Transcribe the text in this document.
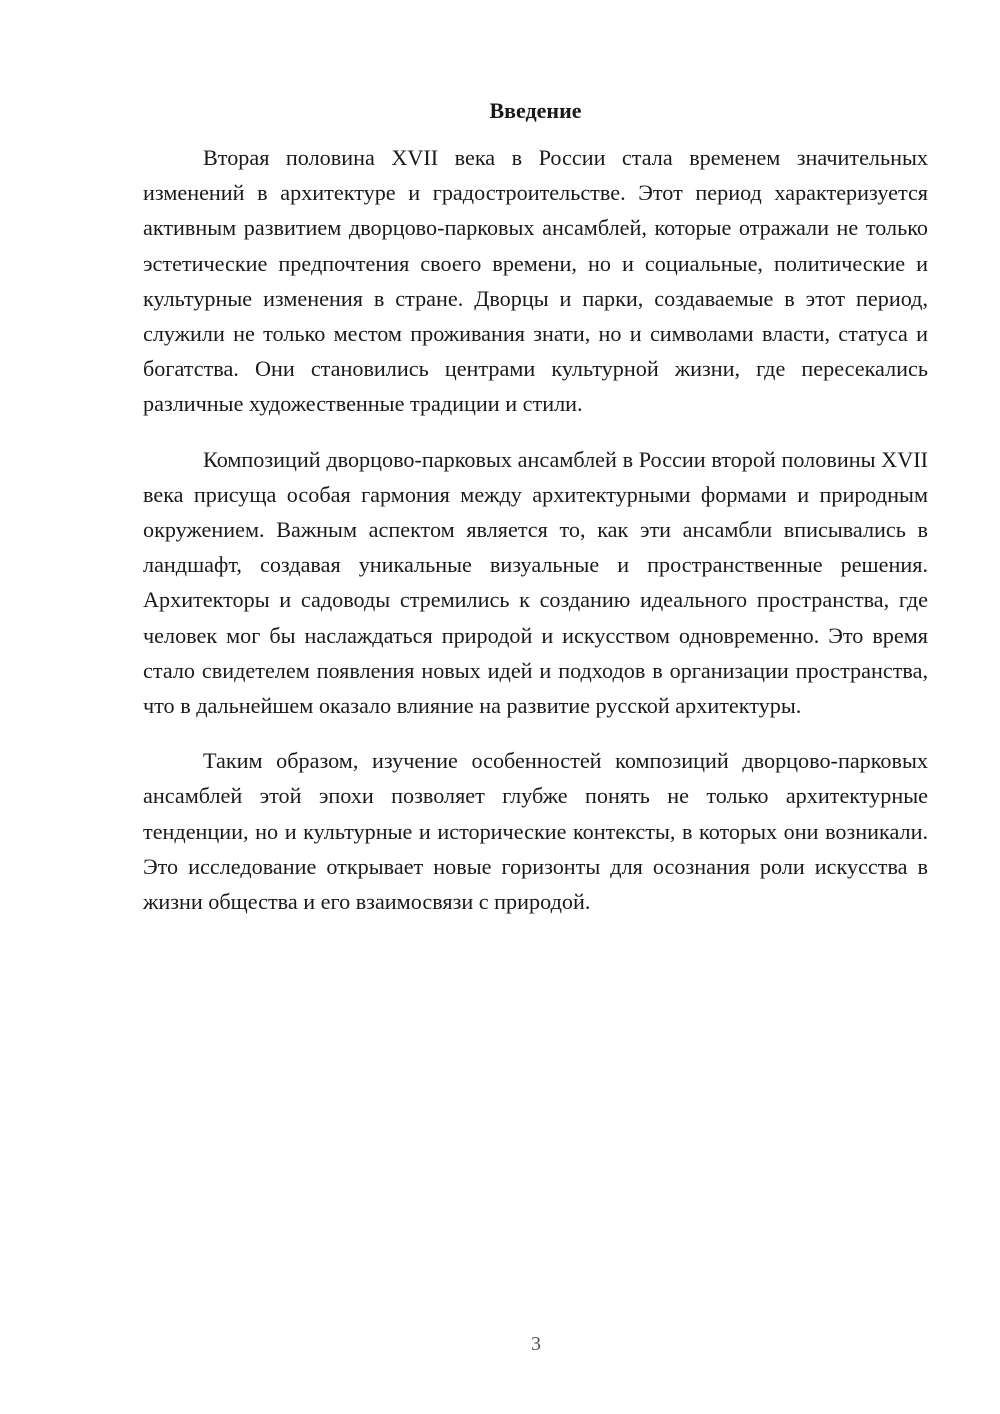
Введение

Вторая половина XVII века в России стала временем значительных изменений в архитектуре и градостроительстве. Этот период характеризуется активным развитием дворцово-парковых ансамблей, которые отражали не только эстетические предпочтения своего времени, но и социальные, политические и культурные изменения в стране. Дворцы и парки, создаваемые в этот период, служили не только местом проживания знати, но и символами власти, статуса и богатства. Они становились центрами культурной жизни, где пересекались различные художественные традиции и стили.

Композиций дворцово-парковых ансамблей в России второй половины XVII века присуща особая гармония между архитектурными формами и природным окружением. Важным аспектом является то, как эти ансамбли вписывались в ландшафт, создавая уникальные визуальные и пространственные решения. Архитекторы и садоводы стремились к созданию идеального пространства, где человек мог бы наслаждаться природой и искусством одновременно. Это время стало свидетелем появления новых идей и подходов в организации пространства, что в дальнейшем оказало влияние на развитие русской архитектуры.

Таким образом, изучение особенностей композиций дворцово-парковых ансамблей этой эпохи позволяет глубже понять не только архитектурные тенденции, но и культурные и исторические контексты, в которых они возникали. Это исследование открывает новые горизонты для осознания роли искусства в жизни общества и его взаимосвязи с природой.

3
